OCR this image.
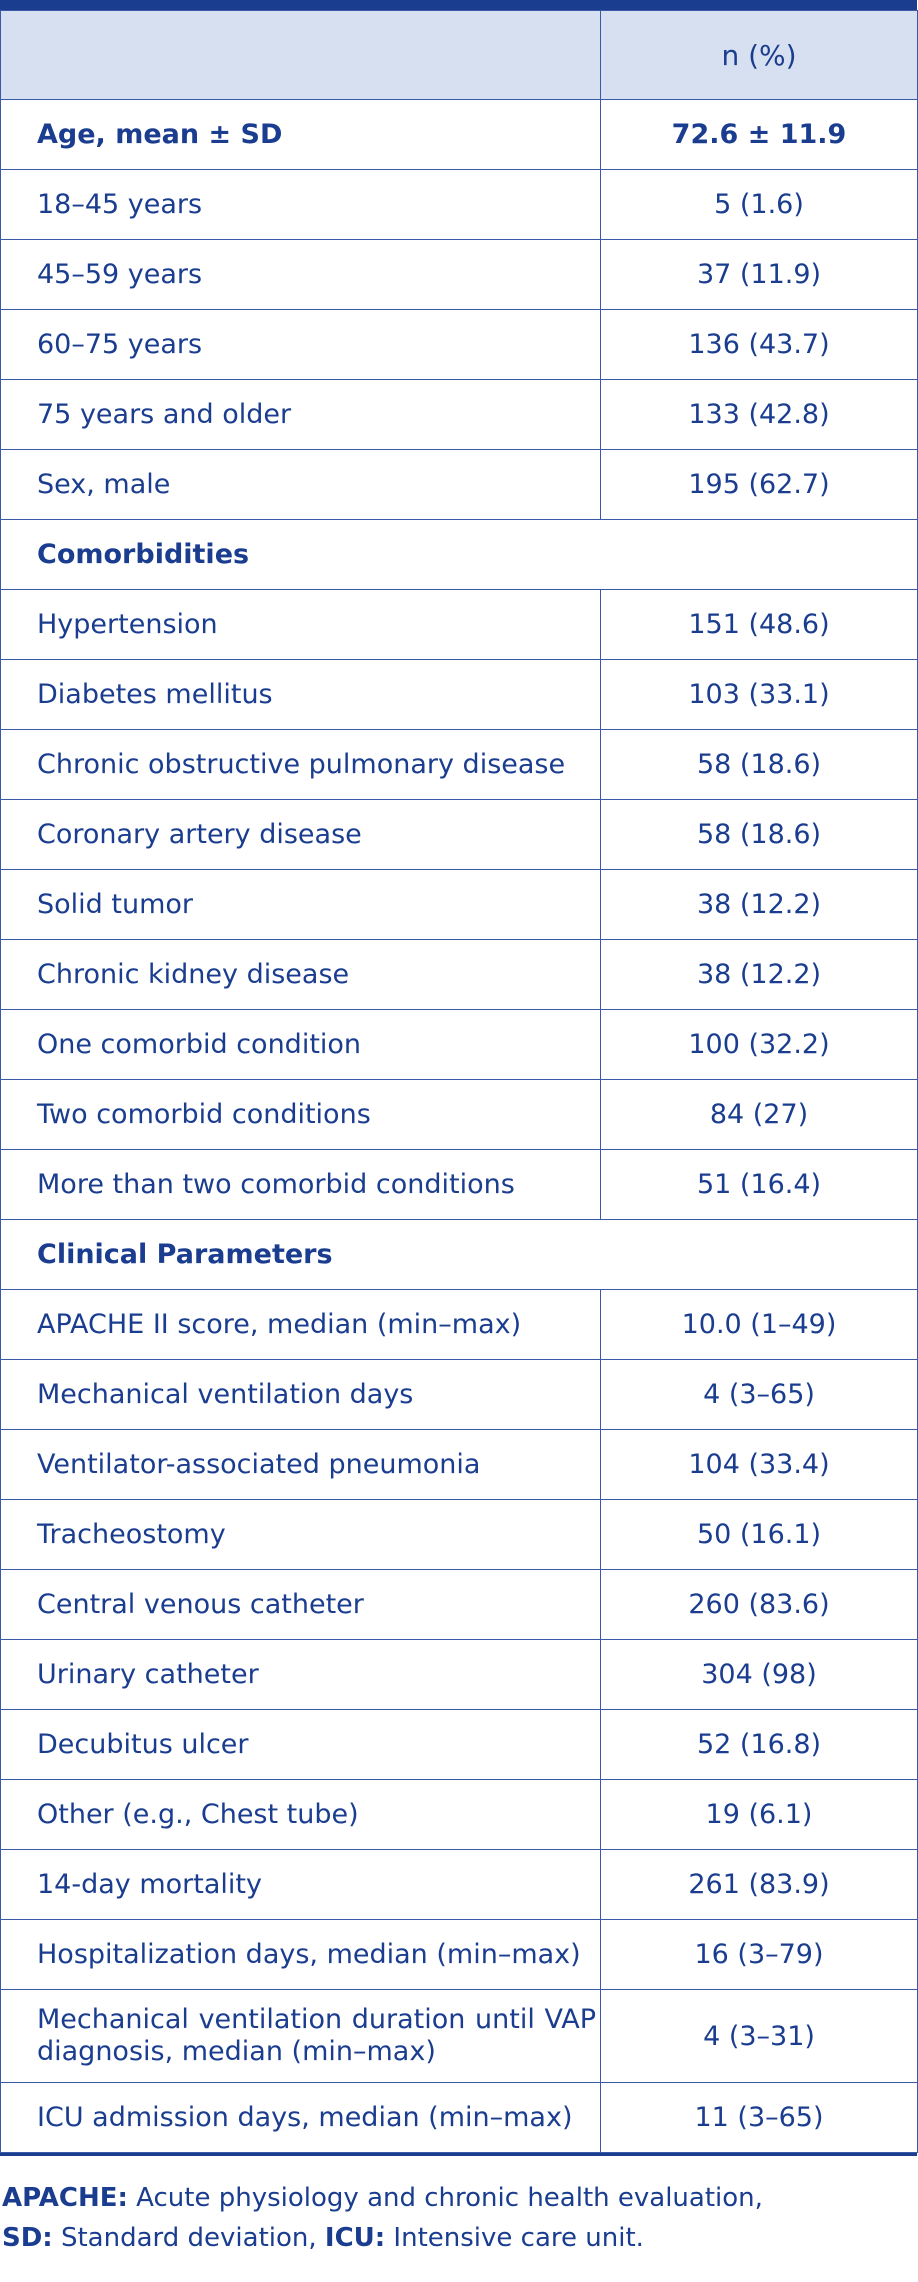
	n (%)
Age, mean ± SD	72.6 ± 11.9
18–45 years	5 (1.6)
45–59 years	37 (11.9)
60–75 years	136 (43.7)
75 years and older	133 (42.8)
Sex, male	195 (62.7)
Comorbidities	
Hypertension	151 (48.6)
Diabetes mellitus	103 (33.1)
Chronic obstructive pulmonary disease	58 (18.6)
Coronary artery disease	58 (18.6)
Solid tumor	38 (12.2)
Chronic kidney disease	38 (12.2)
One comorbid condition	100 (32.2)
Two comorbid conditions	84 (27)
More than two comorbid conditions	51 (16.4)
Clinical Parameters	
APACHE II score, median (min–max)	10.0 (1–49)
Mechanical ventilation days	4 (3–65)
Ventilator-associated pneumonia	104 (33.4)
Tracheostomy	50 (16.1)
Central venous catheter	260 (83.6)
Urinary catheter	304 (98)
Decubitus ulcer	52 (16.8)
Other (e.g., Chest tube)	19 (6.1)
14-day mortality	261 (83.9)
Hospitalization days, median (min–max)	16 (3–79)
Mechanical ventilation duration until VAP diagnosis, median (min–max)	4 (3–31)
ICU admission days, median (min–max)	11 (3–65)
APACHE: Acute physiology and chronic health evaluation,
SD: Standard deviation, ICU: Intensive care unit.
